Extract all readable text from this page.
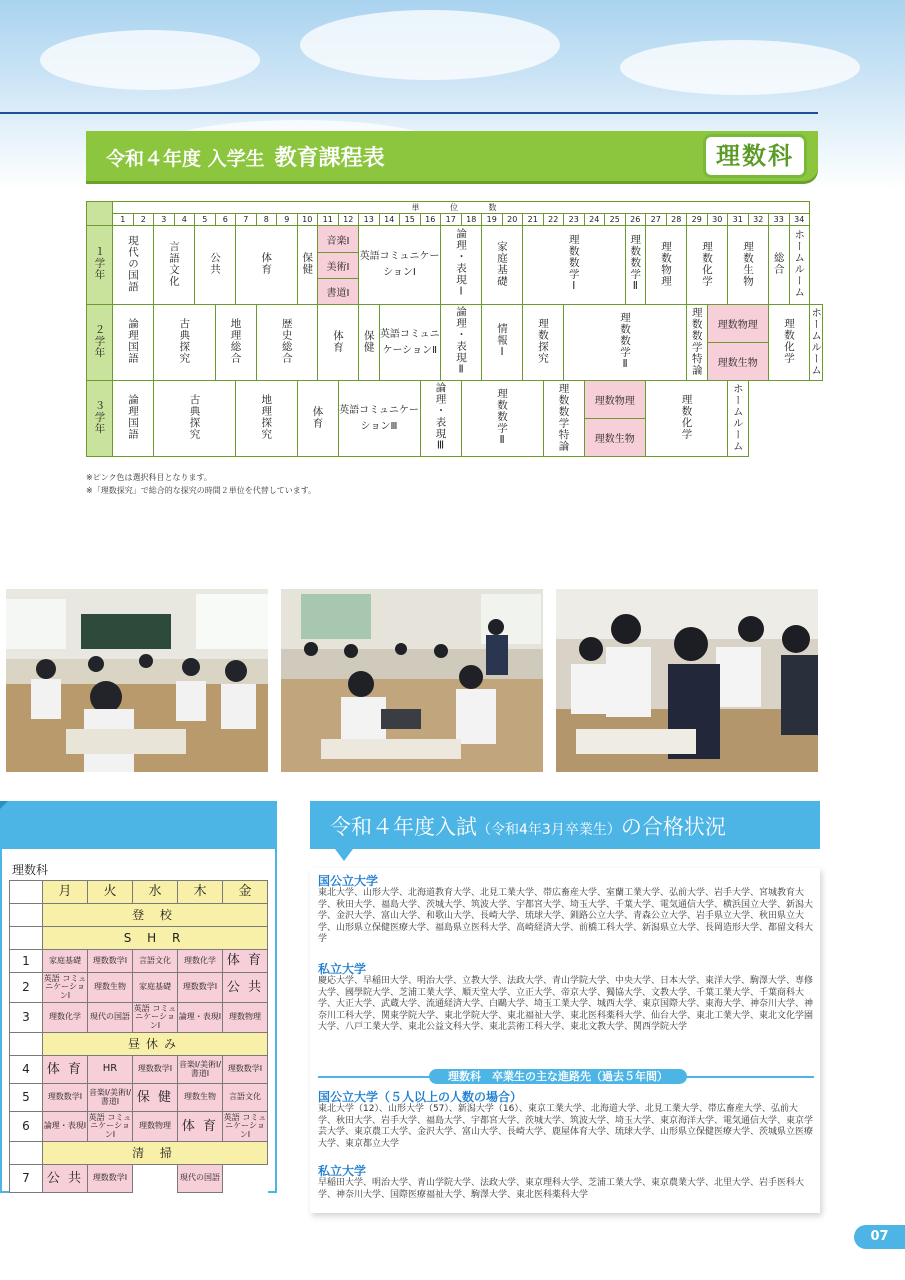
令和４年度 入学生 教育課程表	理数科
	単 位 数																																			
	1	2	3	4	5	6	7	8	9	10	11	12	13	14	15	16	17	18	19	20	21	22	23	24	25	26	27	28	29	30	31	32	33	34		
１学年	現代の国語		言語文化		公共		体育			保健	音楽Ⅰ		英語コミュニケーションⅠ				論理・表現Ⅰ		家庭基礎		理数数学Ⅰ					理数数学Ⅱ	理数物理		理数化学		理数生物		総合	ホームルーム		
											美術Ⅰ																									
											書道Ⅰ																									
２学年	論理国語		古典探究			地理総合		歴史総合			体育		保健	英語コミュニケーションⅡ			論理・表現Ⅱ		情報Ⅰ		理数探究		理数数学Ⅱ						理数数学特論	理数物理			理数化学		ホームルーム	
																														理数生物						
３学年	論理国語		古典探究				地理探究			体育		英語コミュニケーションⅢ				論理・表現Ⅲ		理数数学Ⅱ				理数数学特論		理数物理			理数化学				ホームルーム					
																								理数生物												
※ピンク色は選択科目となります。
※「理数探究」で総合的な探究の時間２単位を代替しています。
理数科
	月	火	水	木	金
	登 校				
	S H R				
1	家庭基礎	理数数学Ⅰ	言語文化	理数化学	体 育
2	英語 コミュニケーションⅠ	理数生物	家庭基礎	理数数学Ⅰ	公 共
3	理数化学	現代の国語	英語 コミュニケーションⅠ	論理・表現Ⅰ	理数物理
	昼休み				
4	体 育	HR	理数数学Ⅰ	音楽Ⅰ/美術Ⅰ/書道Ⅰ	理数数学Ⅰ
5	理数数学Ⅰ	音楽Ⅰ/美術Ⅰ/書道Ⅰ	保 健	理数生物	言語文化
6	論理・表現Ⅰ	英語 コミュニケーションⅠ	理数物理	体 育	英語 コミュニケーションⅠ
	清 掃				
7	公 共	理数数学Ⅰ		現代の国語	
令和４年度入試（令和4年3月卒業生）の合格状況
国公立大学
東北大学、山形大学、北海道教育大学、北見工業大学、帯広畜産大学、室蘭工業大学、弘前大学、岩手大学、宮城教育大学、秋田大学、福島大学、茨城大学、筑波大学、宇都宮大学、埼玉大学、千葉大学、電気通信大学、横浜国立大学、新潟大学、金沢大学、富山大学、和歌山大学、長崎大学、琉球大学、釧路公立大学、青森公立大学、岩手県立大学、秋田県立大学、山形県立保健医療大学、福島県立医科大学、高崎経済大学、前橋工科大学、新潟県立大学、長岡造形大学、都留文科大学
私立大学
慶応大学、早稲田大学、明治大学、立教大学、法政大学、青山学院大学、中央大学、日本大学、東洋大学、駒澤大学、専修大学、國學院大学、芝浦工業大学、順天堂大学、立正大学、帝京大学、獨協大学、文教大学、千葉工業大学、千葉商科大学、大正大学、武蔵大学、流通経済大学、白鷗大学、埼玉工業大学、城西大学、東京国際大学、東海大学、神奈川大学、神奈川工科大学、関東学院大学、東北学院大学、東北福祉大学、東北医科薬科大学、仙台大学、東北工業大学、東北文化学園大学、八戸工業大学、東北公益文科大学、東北芸術工科大学、東北文教大学、関西学院大学
理数科　卒業生の主な進路先（過去５年間）
国公立大学（５人以上の人数の場合）
東北大学（12）、山形大学（57）、新潟大学（16）、東京工業大学、北海道大学、北見工業大学、帯広畜産大学、弘前大学、秋田大学、岩手大学、福島大学、宇都宮大学、茨城大学、筑波大学、埼玉大学、東京海洋大学、電気通信大学、東京学芸大学、東京農工大学、金沢大学、富山大学、長崎大学、鹿屋体育大学、琉球大学、山形県立保健医療大学、茨城県立医療大学、東京都立大学
私立大学
早稲田大学、明治大学、青山学院大学、法政大学、東京理科大学、芝浦工業大学、東京農業大学、北里大学、岩手医科大学、神奈川大学、国際医療福祉大学、駒澤大学、東北医科薬科大学
07
